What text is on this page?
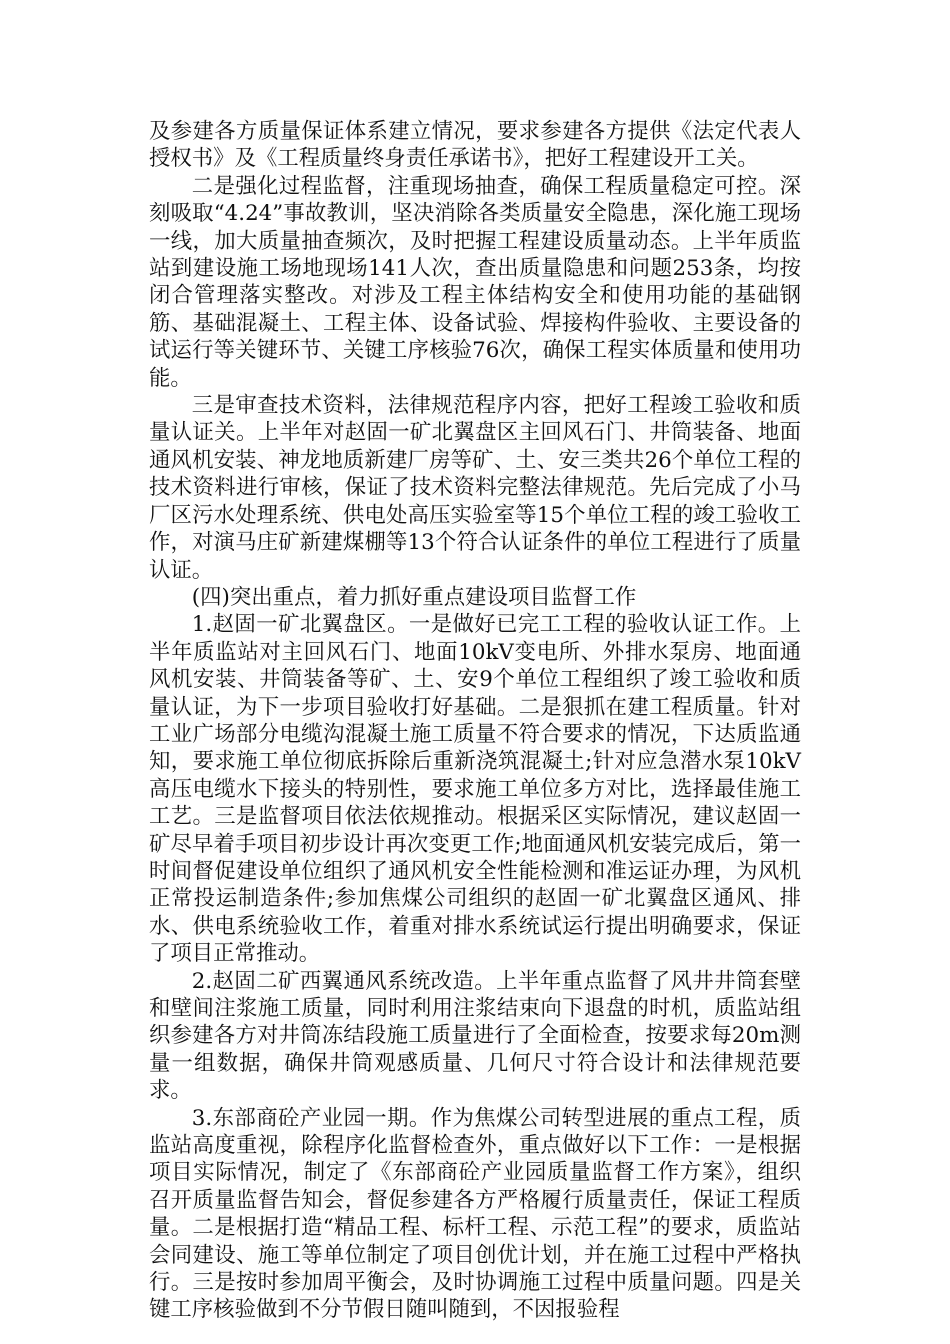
及参建各方质量保证体系建立情况，要求参建各方提供《法定代表人授权书》及《工程质量终身责任承诺书》，把好工程建设开工关。

二是强化过程监督，注重现场抽查，确保工程质量稳定可控。深刻吸取“4.24”事故教训，坚决消除各类质量安全隐患，深化施工现场一线，加大质量抽查频次，及时把握工程建设质量动态。上半年质监站到建设施工场地现场141人次，查出质量隐患和问题253条，均按闭合管理落实整改。对涉及工程主体结构安全和使用功能的基础钢筋、基础混凝土、工程主体、设备试验、焊接构件验收、主要设备的试运行等关键环节、关键工序核验76次，确保工程实体质量和使用功能。

三是审查技术资料，法律规范程序内容，把好工程竣工验收和质量认证关。上半年对赵固一矿北翼盘区主回风石门、井筒装备、地面通风机安装、神龙地质新建厂房等矿、土、安三类共26个单位工程的技术资料进行审核，保证了技术资料完整法律规范。先后完成了小马厂区污水处理系统、供电处高压实验室等15个单位工程的竣工验收工作，对演马庄矿新建煤棚等13个符合认证条件的单位工程进行了质量认证。

(四)突出重点，着力抓好重点建设项目监督工作

1.赵固一矿北翼盘区。一是做好已完工工程的验收认证工作。上半年质监站对主回风石门、地面10kV变电所、外排水泵房、地面通风机安装、井筒装备等矿、土、安9个单位工程组织了竣工验收和质量认证，为下一步项目验收打好基础。二是狠抓在建工程质量。针对工业广场部分电缆沟混凝土施工质量不符合要求的情况，下达质监通知，要求施工单位彻底拆除后重新浇筑混凝土;针对应急潜水泵10kV高压电缆水下接头的特别性，要求施工单位多方对比，选择最佳施工工艺。三是监督项目依法依规推动。根据采区实际情况，建议赵固一矿尽早着手项目初步设计再次变更工作;地面通风机安装完成后，第一时间督促建设单位组织了通风机安全性能检测和准运证办理，为风机正常投运制造条件;参加焦煤公司组织的赵固一矿北翼盘区通风、排水、供电系统验收工作，着重对排水系统试运行提出明确要求，保证了项目正常推动。

2.赵固二矿西翼通风系统改造。上半年重点监督了风井井筒套壁和壁间注浆施工质量，同时利用注浆结束向下退盘的时机，质监站组织参建各方对井筒冻结段施工质量进行了全面检查，按要求每20m测量一组数据，确保井筒观感质量、几何尺寸符合设计和法律规范要求。

3.东部商砼产业园一期。作为焦煤公司转型进展的重点工程，质监站高度重视，除程序化监督检查外，重点做好以下工作：一是根据项目实际情况，制定了《东部商砼产业园质量监督工作方案》，组织召开质量监督告知会，督促参建各方严格履行质量责任，保证工程质量。二是根据打造“精品工程、标杆工程、示范工程”的要求，质监站会同建设、施工等单位制定了项目创优计划，并在施工过程中严格执行。三是按时参加周平衡会，及时协调施工过程中质量问题。四是关键工序核验做到不分节假日随叫随到，不因报验程
